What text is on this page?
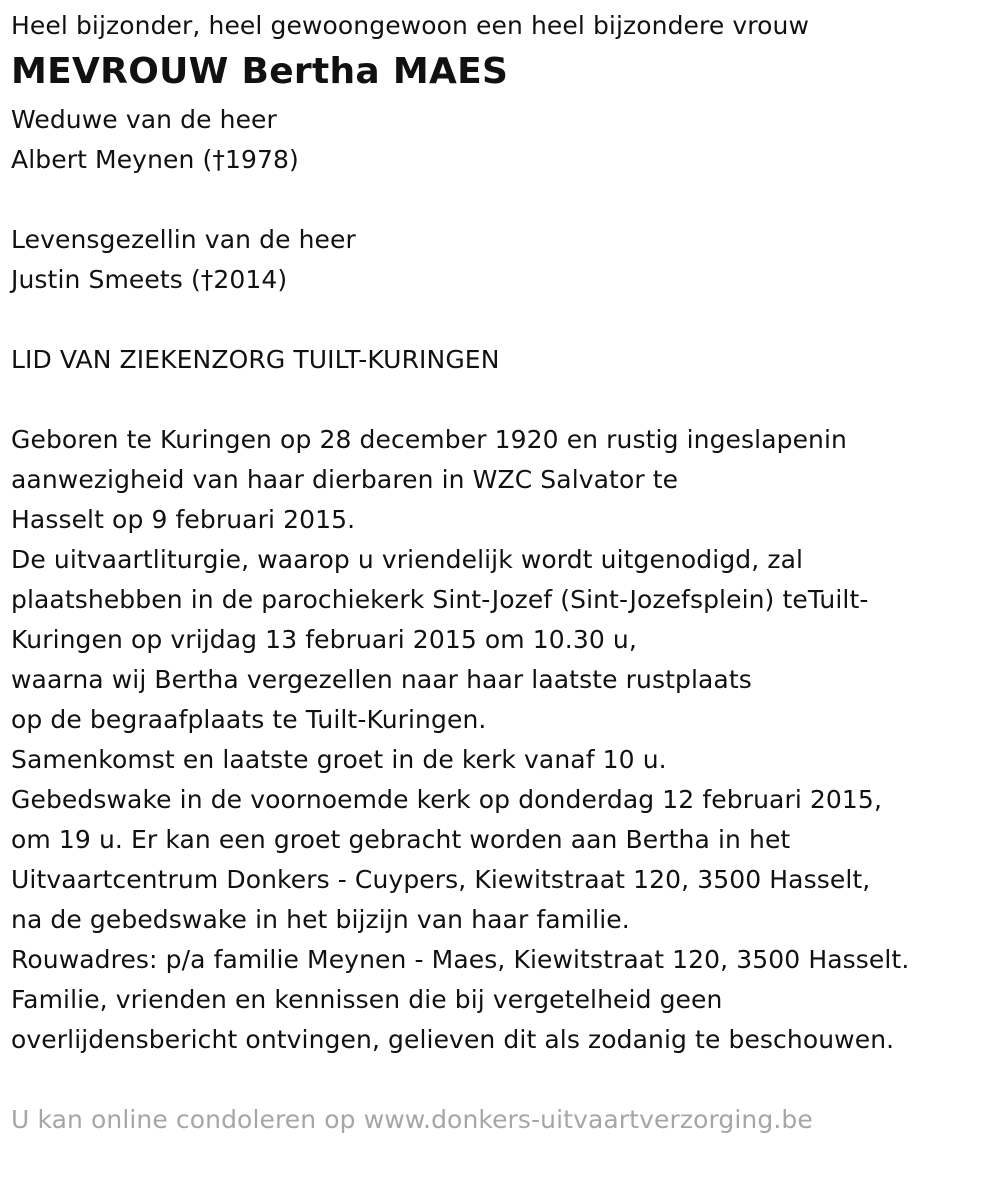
Heel bijzonder, heel gewoongewoon een heel bijzondere vrouw
MEVROUW Bertha MAES
Weduwe van de heer
Albert Meynen (†1978)
Levensgezellin van de heer
Justin Smeets (†2014)
LID VAN ZIEKENZORG TUILT-KURINGEN
Geboren te Kuringen op 28 december 1920 en rustig ingeslapenin
aanwezigheid van haar dierbaren in WZC Salvator te
Hasselt op 9 februari 2015.
De uitvaartliturgie, waarop u vriendelijk wordt uitgenodigd, zal
plaatshebben in de parochiekerk Sint-Jozef (Sint-Jozefsplein) teTuilt-
Kuringen op vrijdag 13 februari 2015 om 10.30 u,
waarna wij Bertha vergezellen naar haar laatste rustplaats
op de begraafplaats te Tuilt-Kuringen.
Samenkomst en laatste groet in de kerk vanaf 10 u.
Gebedswake in de voornoemde kerk op donderdag 12 februari 2015,
om 19 u. Er kan een groet gebracht worden aan Bertha in het
Uitvaartcentrum Donkers - Cuypers, Kiewitstraat 120, 3500 Hasselt,
na de gebedswake in het bijzijn van haar familie.
Rouwadres: p/a familie Meynen - Maes, Kiewitstraat 120, 3500 Hasselt.
Familie, vrienden en kennissen die bij vergetelheid geen
overlijdensbericht ontvingen, gelieven dit als zodanig te beschouwen.
U kan online condoleren op www.donkers-uitvaartverzorging.be
